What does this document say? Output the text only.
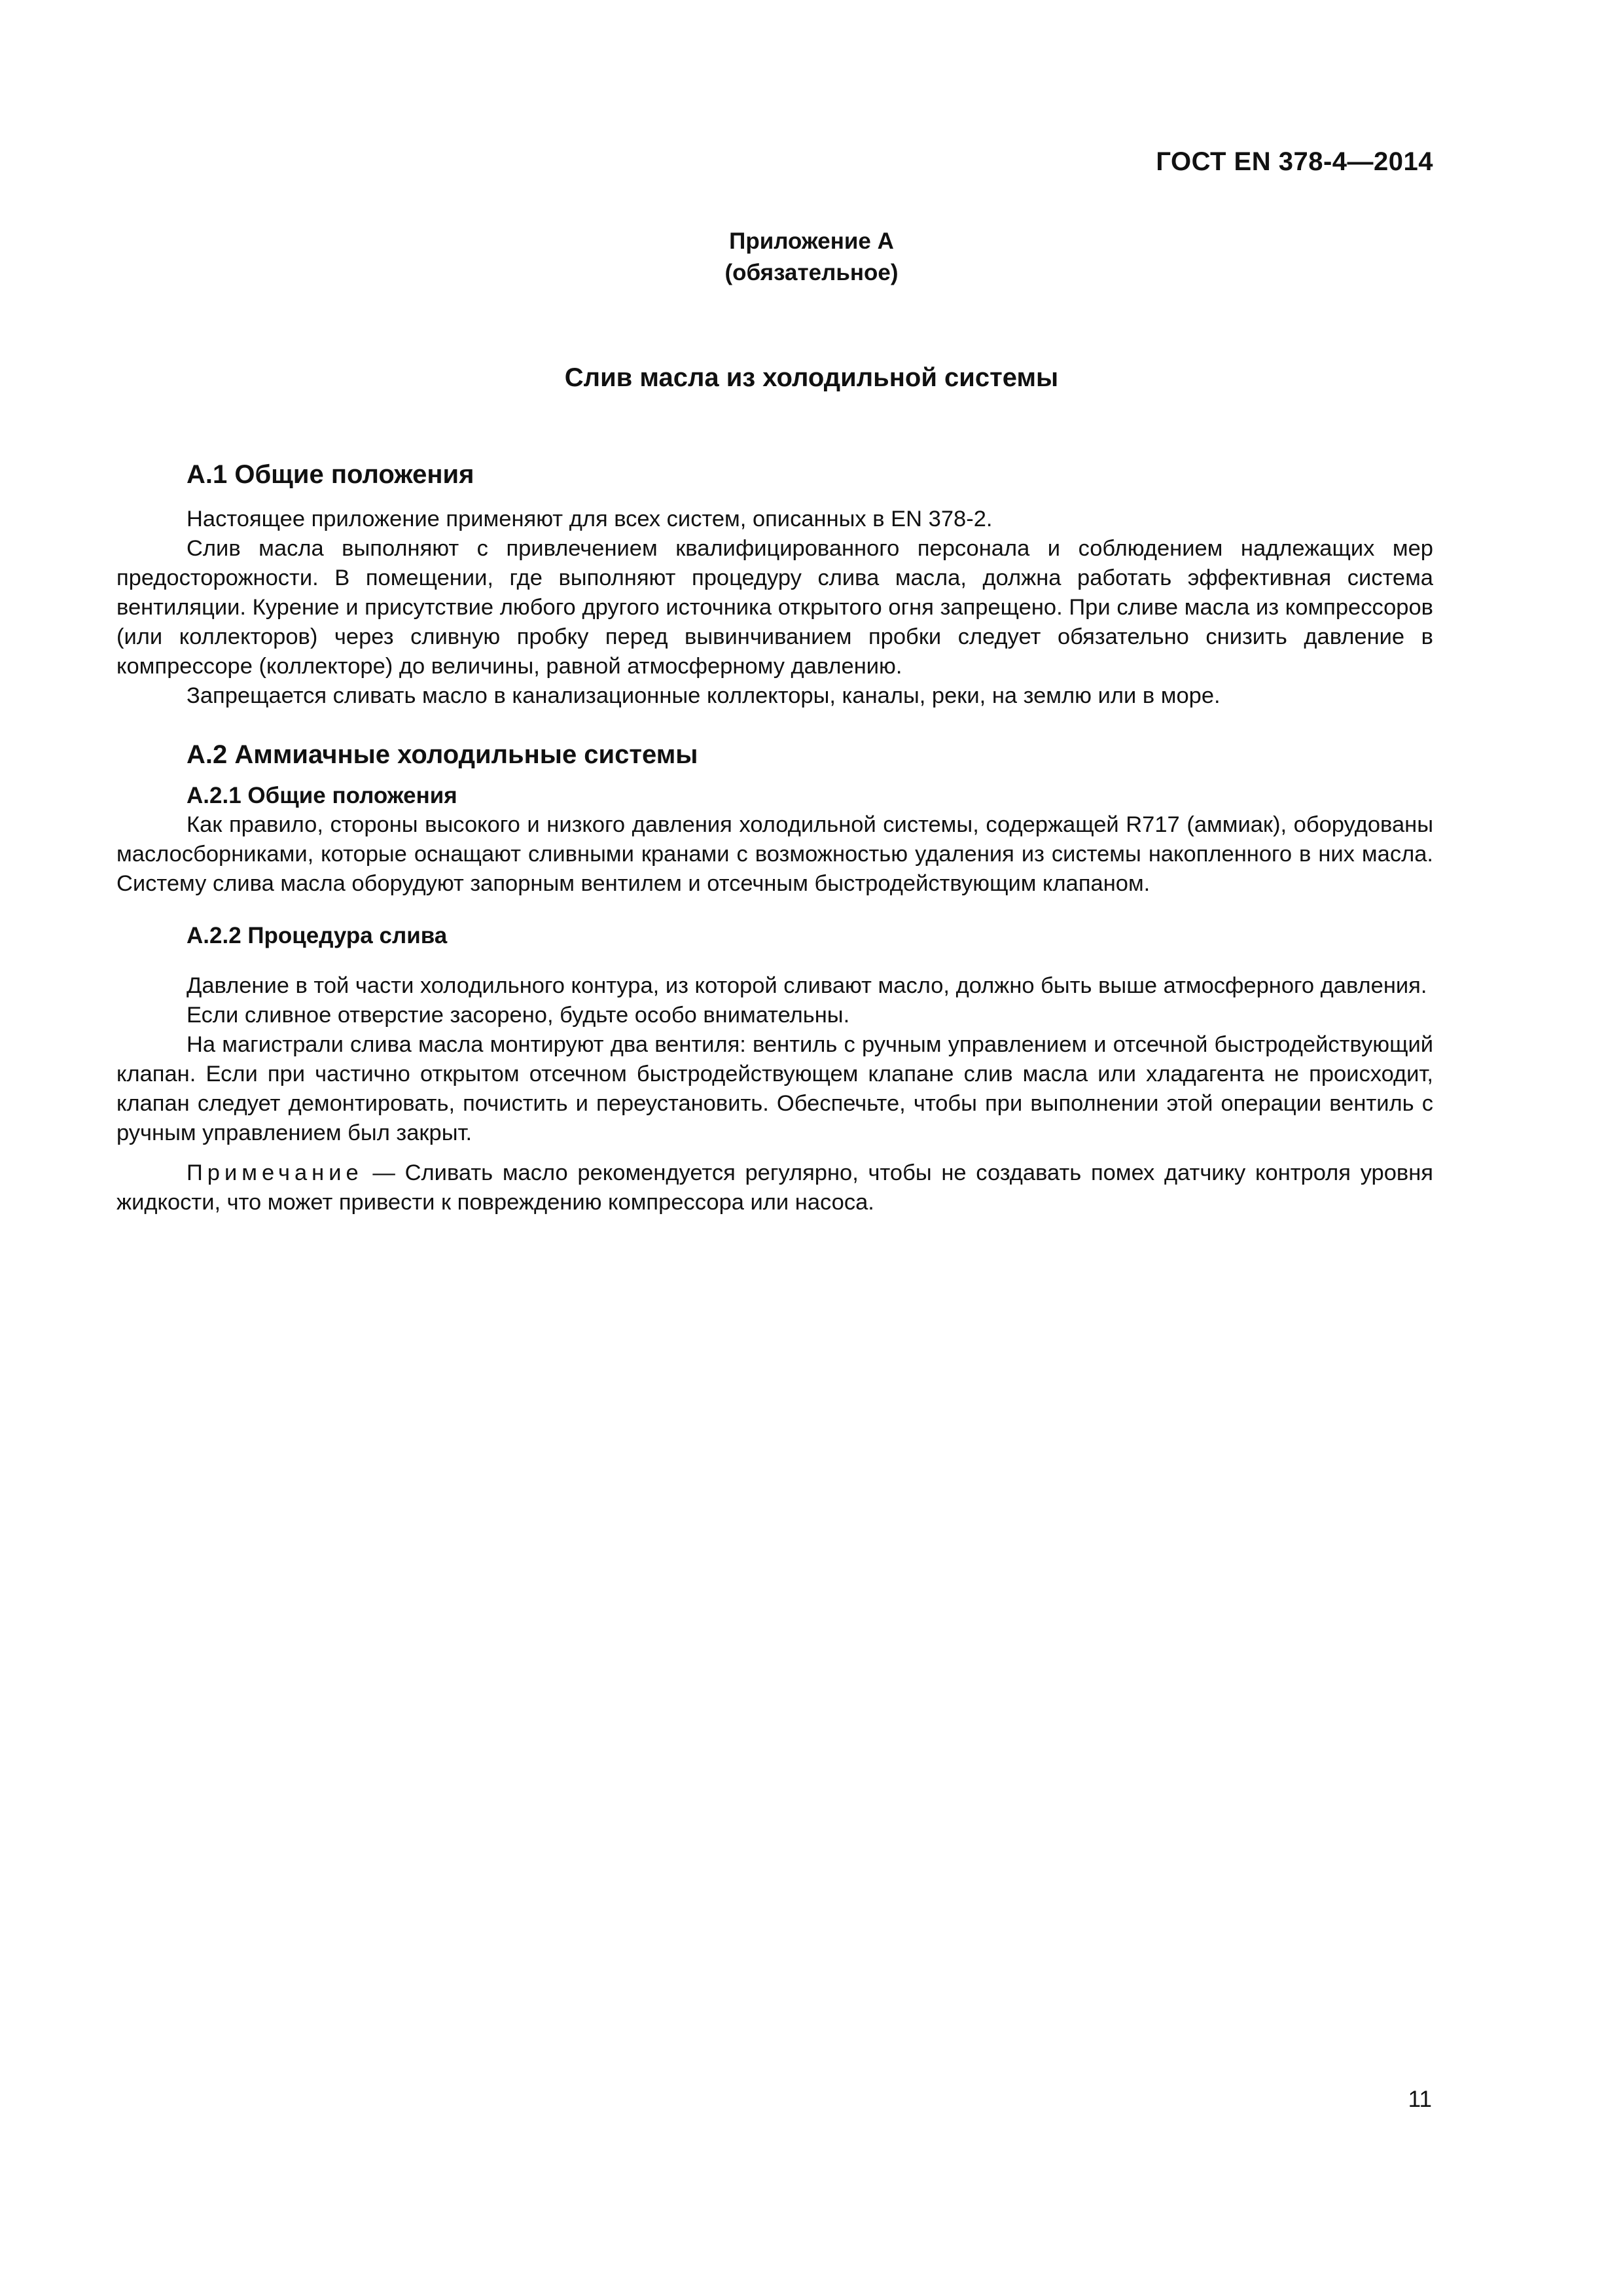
ГОСТ EN 378-4—2014
Приложение А
(обязательное)
Слив масла из холодильной системы
А.1 Общие положения

Настоящее приложение применяют для всех систем, описанных в EN 378-2.

Слив масла выполняют с привлечением квалифицированного персонала и соблюдением надлежащих мер предосторожности. В помещении, где выполняют процедуру слива масла, должна работать эффективная система вентиляции. Курение и присутствие любого другого источника открытого огня запрещено. При сливе масла из компрессоров (или коллекторов) через сливную пробку перед вывинчиванием пробки следует обязательно снизить давление в компрессоре (коллекторе) до величины, равной атмосферному давлению.

Запрещается сливать масло в канализационные коллекторы, каналы, реки, на землю или в море.

А.2 Аммиачные холодильные системы
А.2.1 Общие положения

Как правило, стороны высокого и низкого давления холодильной системы, содержащей R717 (аммиак), оборудованы маслосборниками, которые оснащают сливными кранами с возможностью удаления из системы накопленного в них масла. Систему слива масла оборудуют запорным вентилем и отсечным быстродействующим клапаном.

А.2.2 Процедура слива

Давление в той части холодильного контура, из которой сливают масло, должно быть выше атмосферного давления.

Если сливное отверстие засорено, будьте особо внимательны.

На магистрали слива масла монтируют два вентиля: вентиль с ручным управлением и отсечной быстродействующий клапан. Если при частично открытом отсечном быстродействующем клапане слив масла или хладагента не происходит, клапан следует демонтировать, почистить и переустановить. Обеспечьте, чтобы при выполнении этой операции вентиль с ручным управлением был закрыт.

Примечание — Сливать масло рекомендуется регулярно, чтобы не создавать помех датчику контроля уровня жидкости, что может привести к повреждению компрессора или насоса.

11
